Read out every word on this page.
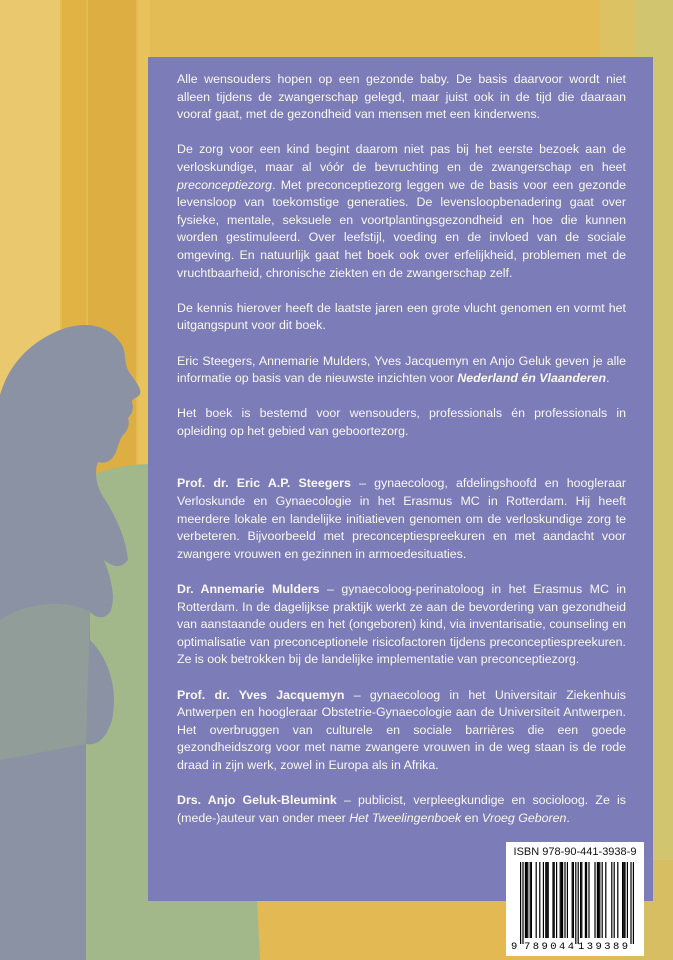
Alle wensouders hopen op een gezonde baby. De basis daarvoor wordt niet alleen tijdens de zwangerschap gelegd, maar juist ook in de tijd die daaraan vooraf gaat, met de gezondheid van mensen met een kinderwens.

De zorg voor een kind begint daarom niet pas bij het eerste bezoek aan de verloskundige, maar al vóór de bevruchting en de zwangerschap en heet preconceptiezorg. Met preconceptiezorg leggen we de basis voor een gezonde levensloop van toekomstige generaties. De levensloopbenadering gaat over fysieke, mentale, seksuele en voortplantingsgezondheid en hoe die kunnen worden gestimuleerd. Over leefstijl, voeding en de invloed van de sociale omgeving. En natuurlijk gaat het boek ook over erfelijkheid, problemen met de vruchtbaarheid, chronische ziekten en de zwangerschap zelf.

De kennis hierover heeft de laatste jaren een grote vlucht genomen en vormt het uitgangspunt voor dit boek.

Eric Steegers, Annemarie Mulders, Yves Jacquemyn en Anjo Geluk geven je alle informatie op basis van de nieuwste inzichten voor Nederland én Vlaanderen.

Het boek is bestemd voor wensouders, professionals én professionals in opleiding op het gebied van geboortezorg.

Prof. dr. Eric A.P. Steegers – gynaecoloog, afdelingshoofd en hoogleraar Verloskunde en Gynaecologie in het Erasmus MC in Rotterdam. Hij heeft meerdere lokale en landelijke initiatieven genomen om de verloskundige zorg te verbeteren. Bijvoorbeeld met preconceptiespreekuren en met aandacht voor zwangere vrouwen en gezinnen in armoedesituaties.

Dr. Annemarie Mulders – gynaecoloog-perinatoloog in het Erasmus MC in Rotterdam. In de dagelijkse praktijk werkt ze aan de bevordering van gezondheid van aanstaande ouders en het (ongeboren) kind, via inventarisatie, counseling en optimalisatie van preconceptionele risicofactoren tijdens preconceptiespreekuren. Ze is ook betrokken bij de landelijke implementatie van preconceptiezorg.

Prof. dr. Yves Jacquemyn – gynaecoloog in het Universitair Ziekenhuis Antwerpen en hoogleraar Obstetrie-Gynaecologie aan de Universiteit Antwerpen. Het overbruggen van culturele en sociale barrières die een goede gezondheidszorg voor met name zwangere vrouwen in de weg staan is de rode draad in zijn werk, zowel in Europa als in Afrika.

Drs. Anjo Geluk-Bleumink – publicist, verpleegkundige en socioloog. Ze is (mede-)auteur van onder meer Het Tweelingenboek en Vroeg Geboren.

ISBN 978-90-441-3938-9
9 789044 139389
